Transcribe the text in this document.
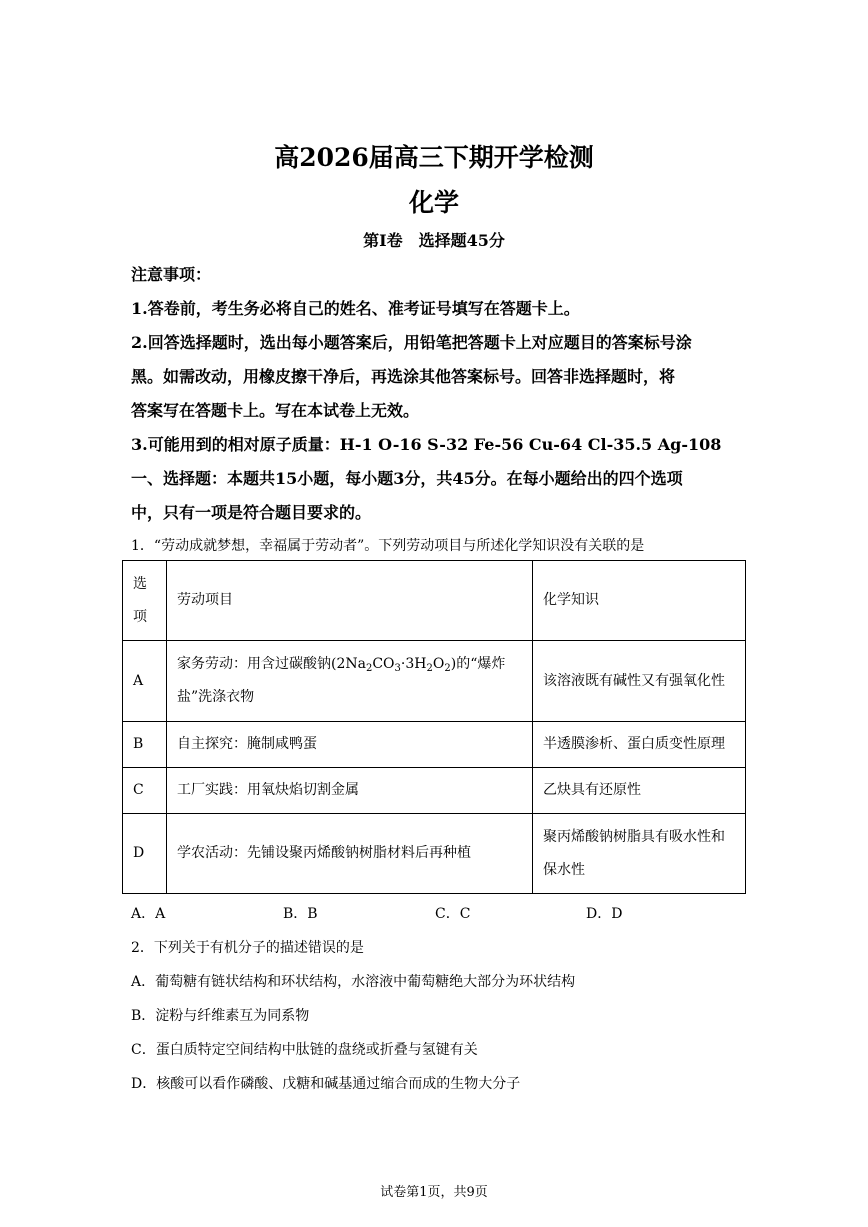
高2026届高三下期开学检测
化学
第I卷　选择题45分
注意事项：
1.答卷前，考生务必将自己的姓名、准考证号填写在答题卡上。
2.回答选择题时，选出每小题答案后，用铅笔把答题卡上对应题目的答案标号涂
黑。如需改动，用橡皮擦干净后，再选涂其他答案标号。回答非选择题时，将
答案写在答题卡上。写在本试卷上无效。
3.可能用到的相对原子质量：H-1 O-16 S-32 Fe-56 Cu-64 Cl-35.5 Ag-108
一、选择题：本题共15小题，每小题3分，共45分。在每小题给出的四个选项
中，只有一项是符合题目要求的。
1．“劳动成就梦想，幸福属于劳动者”。下列劳动项目与所述化学知识没有关联的是
选项	劳动项目	化学知识
A	家务劳动：用含过碳酸钠$(2Na_2CO_3\cdot 3H_2O_2)$的“爆炸
盐”洗涤衣物	该溶液既有碱性又有强氧化性
B	自主探究：腌制咸鸭蛋	半透膜渗析、蛋白质变性原理
C	工厂实践：用氧炔焰切割金属	乙炔具有还原性
D	学农活动：先铺设聚丙烯酸钠树脂材料后再种植	聚丙烯酸钠树脂具有吸水性和保水性
A．A	B．B	C．C	D．D
2．下列关于有机分子的描述错误的是
A．葡萄糖有链状结构和环状结构，水溶液中葡萄糖绝大部分为环状结构
B．淀粉与纤维素互为同系物
C．蛋白质特定空间结构中肽链的盘绕或折叠与氢键有关
D．核酸可以看作磷酸、戊糖和碱基通过缩合而成的生物大分子
试卷第1页，共9页
